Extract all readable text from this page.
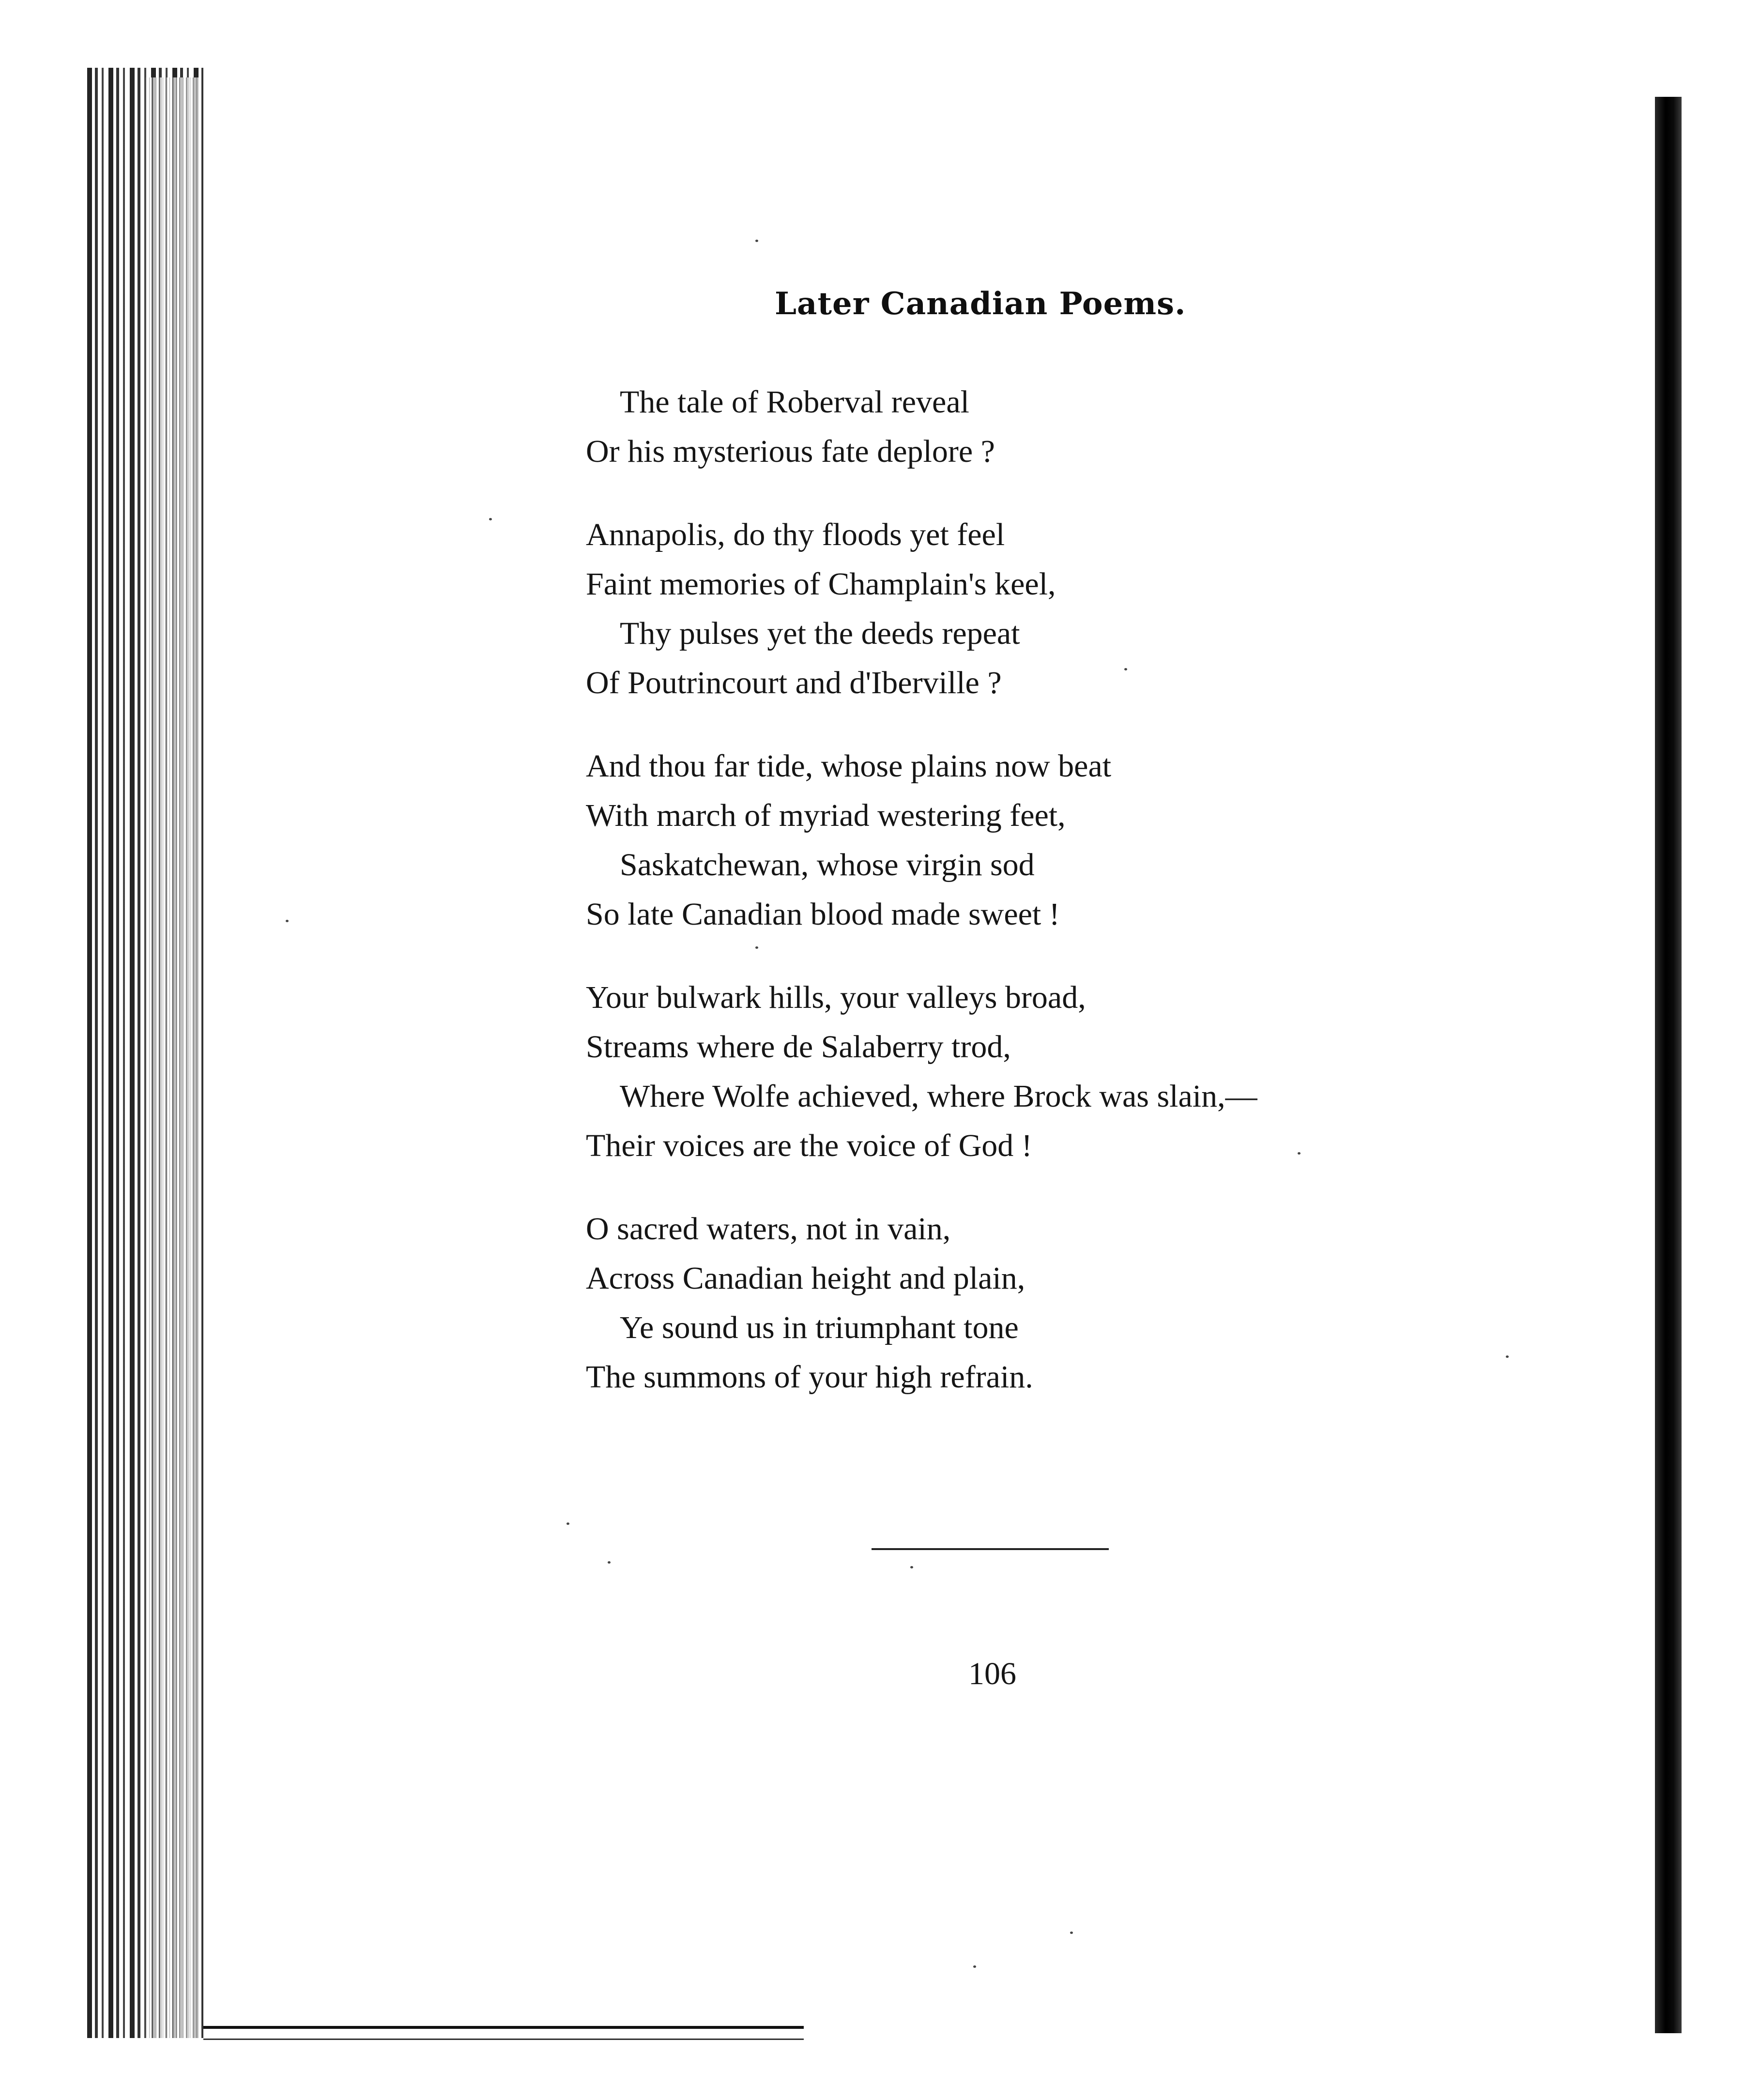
Later Canadian Poems.
The tale of Roberval reveal
Or his mysterious fate deplore ?
Annapolis, do thy floods yet feel
Faint memories of Champlain's keel,
Thy pulses yet the deeds repeat
Of Poutrincourt and d'Iberville ?
And thou far tide, whose plains now beat
With march of myriad westering feet,
Saskatchewan, whose virgin sod
So late Canadian blood made sweet !
Your bulwark hills, your valleys broad,
Streams where de Salaberry trod,
Where Wolfe achieved, where Brock was slain,—
Their voices are the voice of God !
O sacred waters, not in vain,
Across Canadian height and plain,
Ye sound us in triumphant tone
The summons of your high refrain.
106
